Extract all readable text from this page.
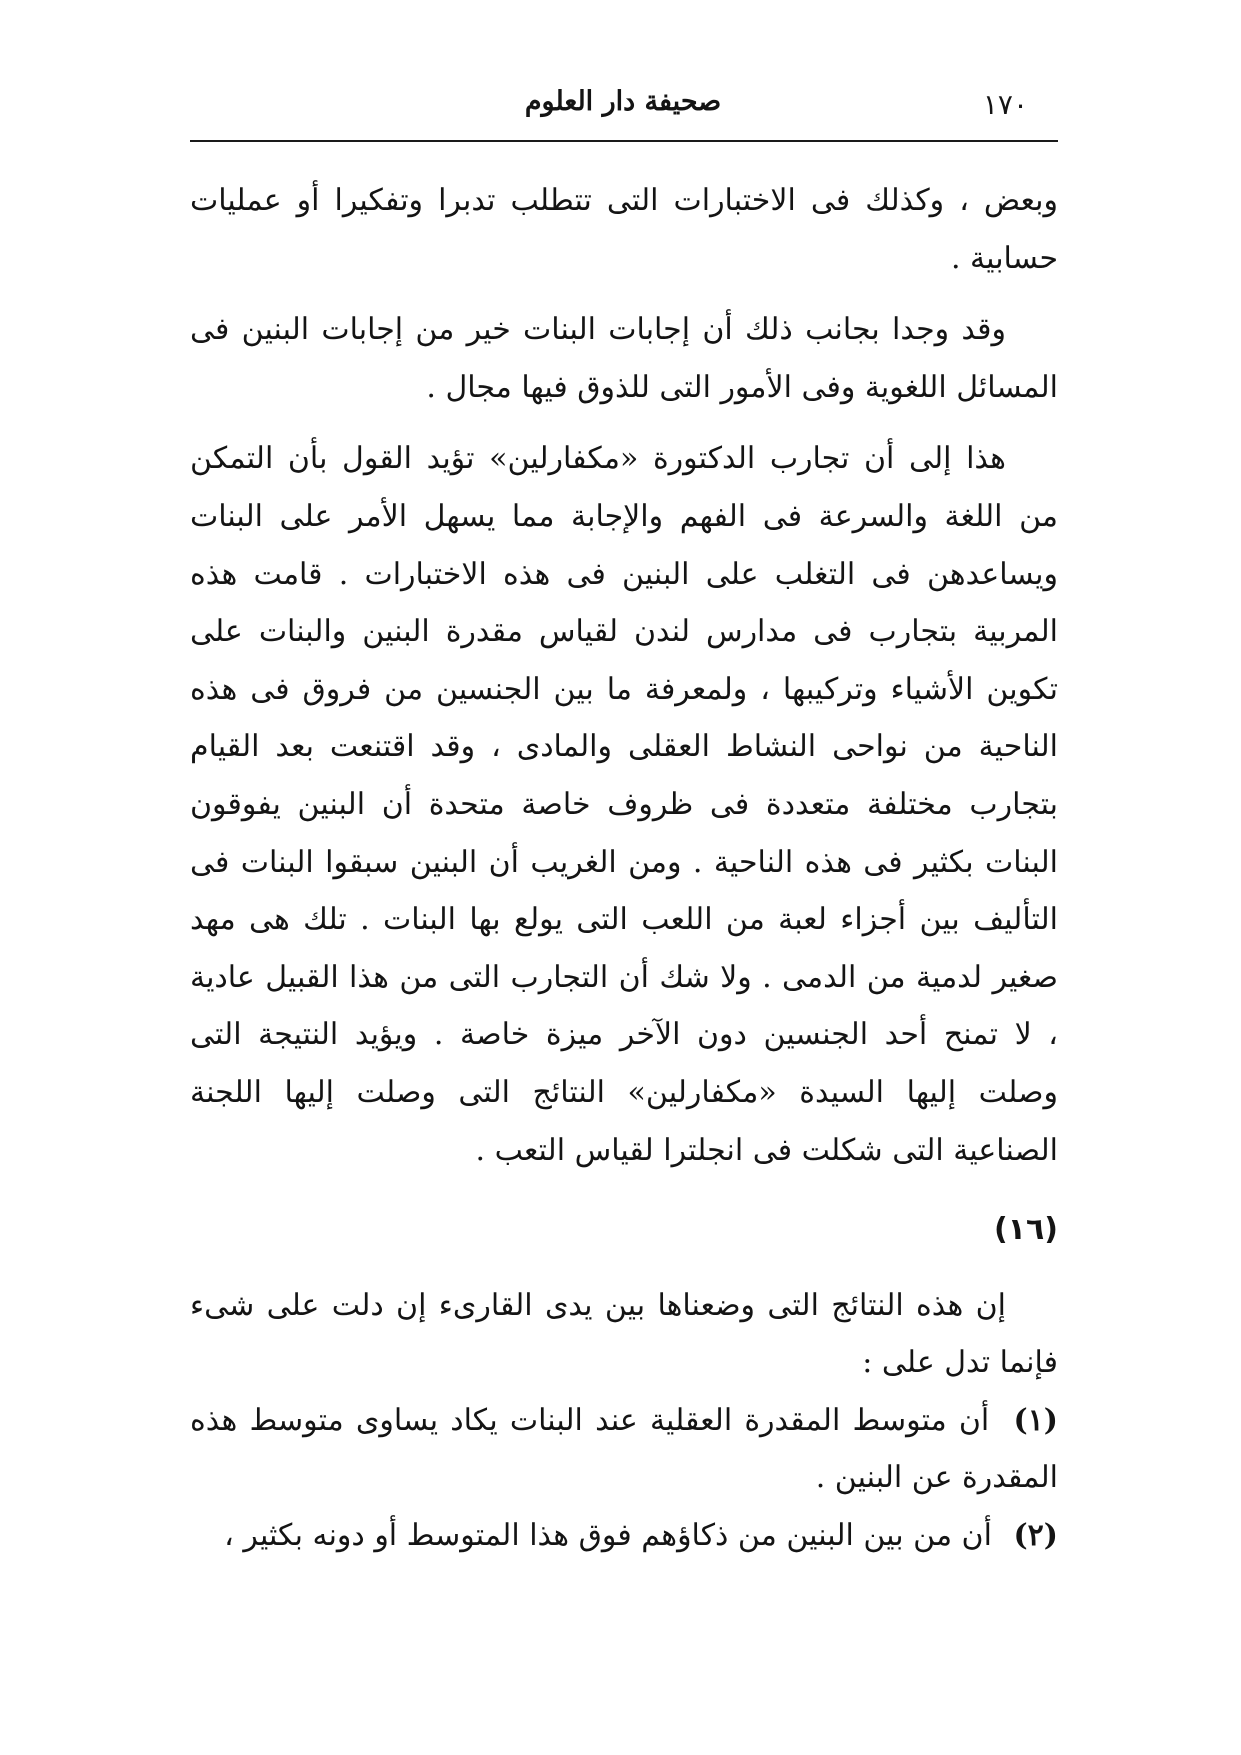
١٧٠
صحيفة دار العلوم

وبعض ، وكذلك فى الاختبارات التى تتطلب تدبرا وتفكيرا أو عمليات حسابية .

وقد وجدا بجانب ذلك أن إجابات البنات خير من إجابات البنين فى المسائل اللغوية وفى الأمور التى للذوق فيها مجال .

هذا إلى أن تجارب الدكتورة «مكفارلين» تؤيد القول بأن التمكن من اللغة والسرعة فى الفهم والإجابة مما يسهل الأمر على البنات ويساعدهن فى التغلب على البنين فى هذه الاختبارات . قامت هذه المربية بتجارب فى مدارس لندن لقياس مقدرة البنين والبنات على تكوين الأشياء وتركيبها ، ولمعرفة ما بين الجنسين من فروق فى هذه الناحية من نواحى النشاط العقلى والمادى ، وقد اقتنعت بعد القيام بتجارب مختلفة متعددة فى ظروف خاصة متحدة أن البنين يفوقون البنات بكثير فى هذه الناحية . ومن الغريب أن البنين سبقوا البنات فى التأليف بين أجزاء لعبة من اللعب التى يولع بها البنات . تلك هى مهد صغير لدمية من الدمى . ولا شك أن التجارب التى من هذا القبيل عادية ، لا تمنح أحد الجنسين دون الآخر ميزة خاصة . ويؤيد النتيجة التى وصلت إليها السيدة «مكفارلين» النتائج التى وصلت إليها اللجنة الصناعية التى شكلت فى انجلترا لقياس التعب .

(١٦)

إن هذه النتائج التى وضعناها بين يدى القارىء إن دلت على شىء فإنما تدل على :

(١) أن متوسط المقدرة العقلية عند البنات يكاد يساوى متوسط هذه المقدرة عن البنين .

(٢) أن من بين البنين من ذكاؤهم فوق هذا المتوسط أو دونه بكثير ،
